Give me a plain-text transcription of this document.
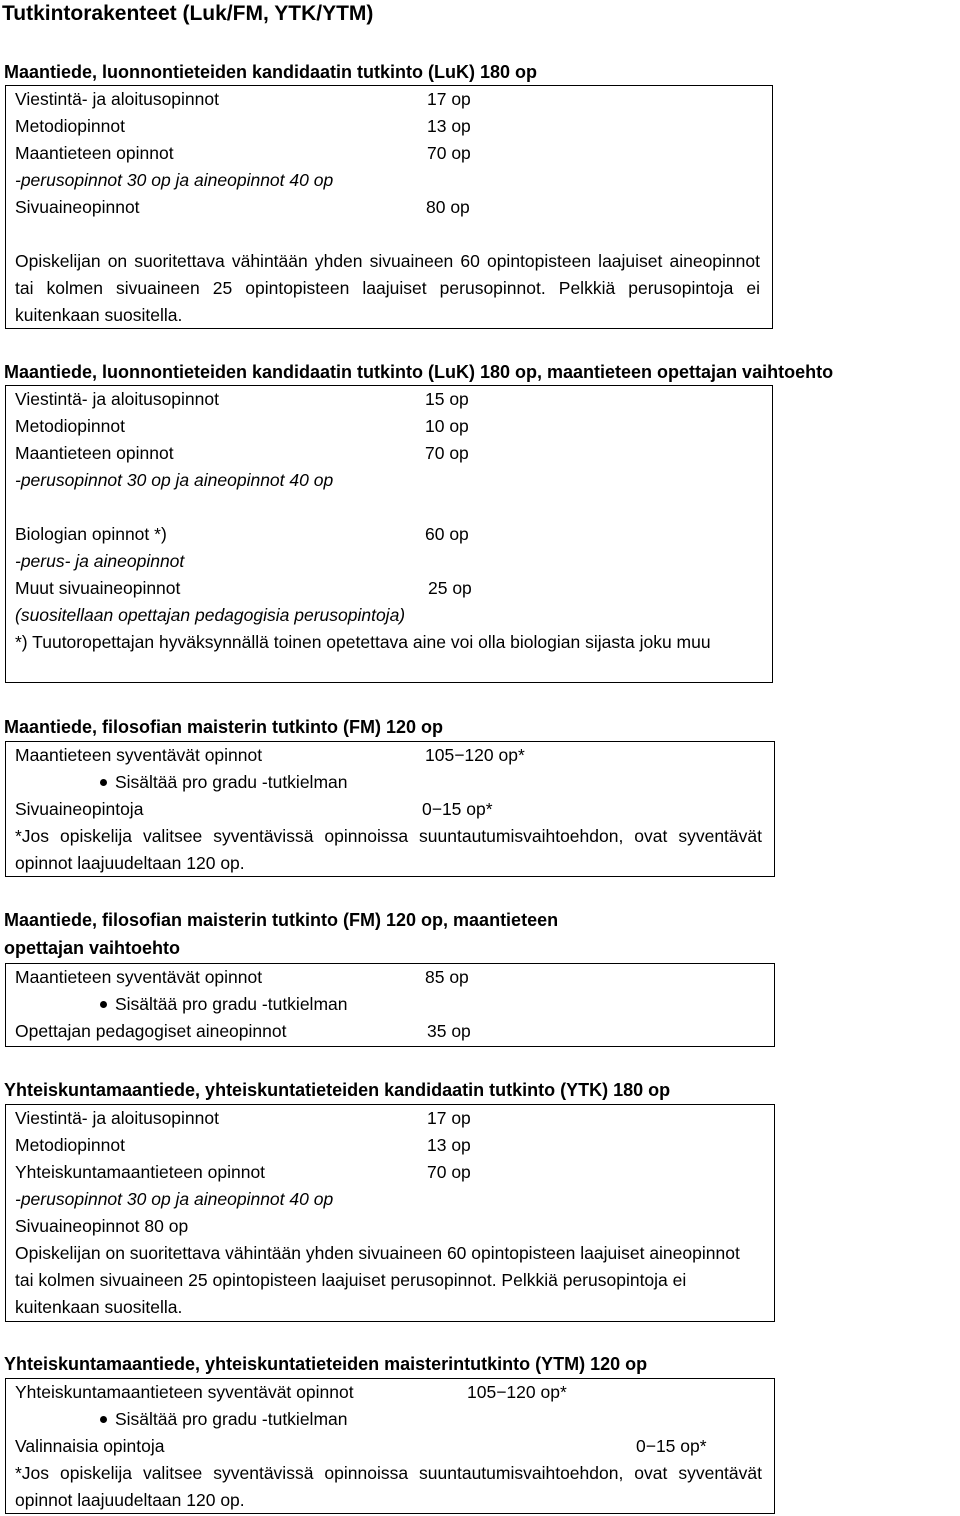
Tutkintorakenteet (Luk/FM, YTK/YTM)
Maantiede, luonnontieteiden kandidaatin tutkinto (LuK) 180 op
Viestintä- ja aloitusopinnot	17 op
Metodiopinnot	13 op
Maantieteen opinnot	70 op
-perusopinnot 30 op ja aineopinnot 40 op
Sivuaineopinnot	80 op
Opiskelijan on suoritettava vähintään yhden sivuaineen 60 opintopisteen laajuiset aineopinnot tai kolmen sivuaineen 25 opintopisteen laajuiset perusopinnot. Pelkkiä perusopintoja ei kuitenkaan suositella.
Maantiede, luonnontieteiden kandidaatin tutkinto (LuK) 180 op, maantieteen opettajan vaihtoehto
Viestintä- ja aloitusopinnot	15 op
Metodiopinnot	10 op
Maantieteen opinnot	70 op
-perusopinnot 30 op ja aineopinnot 40 op
Biologian opinnot *)	60 op
-perus- ja aineopinnot
Muut sivuaineopinnot	25 op
(suositellaan opettajan pedagogisia perusopintoja)
*) Tuutoropettajan hyväksynnällä toinen opetettava aine voi olla biologian sijasta joku muu
Maantiede, filosofian maisterin tutkinto (FM) 120 op
Maantieteen syventävät opinnot	105−120 op*
Sisältää pro gradu -tutkielman
Sivuaineopintoja	0−15 op*
*Jos opiskelija valitsee syventävissä opinnoissa suuntautumisvaihtoehdon, ovat syventävät opinnot laajuudeltaan 120 op.
Maantiede, filosofian maisterin tutkinto (FM) 120 op, maantieteen
opettajan vaihtoehto
Maantieteen syventävät opinnot	85 op
Sisältää pro gradu -tutkielman
Opettajan pedagogiset aineopinnot	35 op
Yhteiskuntamaantiede, yhteiskuntatieteiden kandidaatin tutkinto (YTK) 180 op
Viestintä- ja aloitusopinnot	17 op
Metodiopinnot	13 op
Yhteiskuntamaantieteen opinnot	70 op
-perusopinnot 30 op ja aineopinnot 40 op
Sivuaineopinnot 80 op
Opiskelijan on suoritettava vähintään yhden sivuaineen 60 opintopisteen laajuiset aineopinnot tai kolmen sivuaineen 25 opintopisteen laajuiset perusopinnot. Pelkkiä perusopintoja ei kuitenkaan suositella.
Yhteiskuntamaantiede, yhteiskuntatieteiden maisterintutkinto (YTM) 120 op
Yhteiskuntamaantieteen syventävät opinnot	105−120 op*
Sisältää pro gradu -tutkielman
Valinnaisia opintoja	0−15 op*
*Jos opiskelija valitsee syventävissä opinnoissa suuntautumisvaihtoehdon, ovat syventävät opinnot laajuudeltaan 120 op.
